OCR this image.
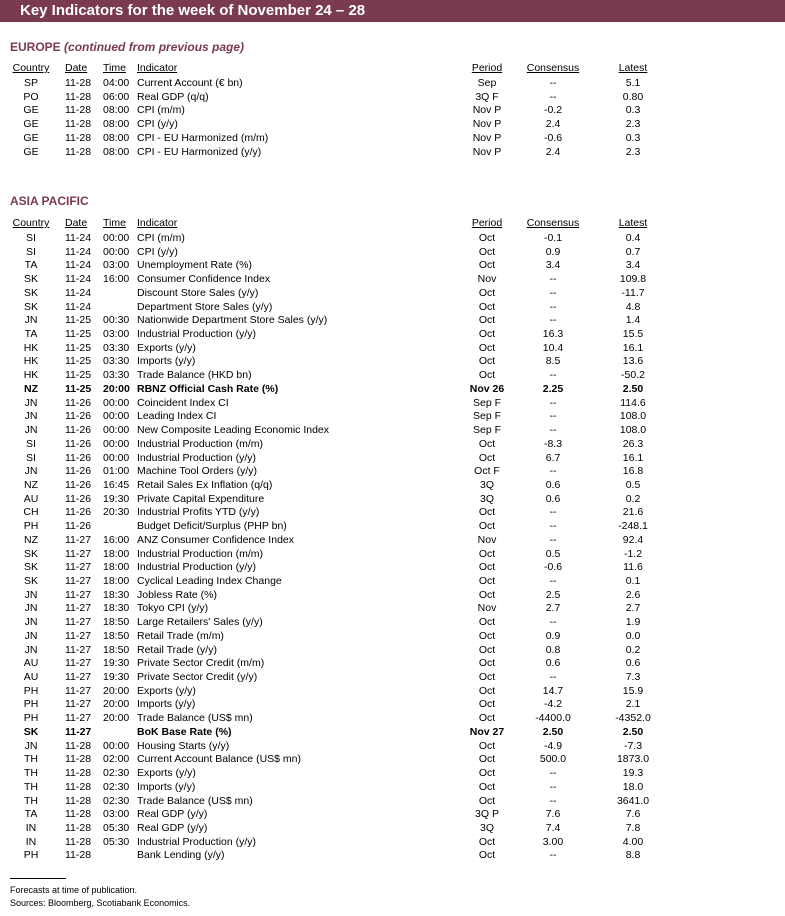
Key Indicators for the week of November 24 – 28
EUROPE (continued from previous page)
Country Date Time Indicator	Period Consensus	Latest
SP	11-28 04:00 Current Account (€ bn)	Sep	--	5.1
PO	11-28 06:00 Real GDP (q/q)	3Q F	--	0.80
GE	11-28 08:00 CPI (m/m)	Nov P	-0.2	0.3
GE	11-28 08:00 CPI (y/y)	Nov P	2.4	2.3
GE	11-28 08:00 CPI - EU Harmonized (m/m)	Nov P	-0.6	0.3
GE	11-28 08:00 CPI - EU Harmonized (y/y)	Nov P	2.4	2.3
ASIA PACIFIC
Country Date Time Indicator	Period Consensus	Latest
SI	11-24 00:00 CPI (m/m)	Oct	-0.1	0.4
SI	11-24 00:00 CPI (y/y)	Oct	0.9	0.7
TA	11-24 03:00 Unemployment Rate (%)	Oct	3.4	3.4
SK	11-24 16:00 Consumer Confidence Index	Nov	--	109.8
SK	11-24	Discount Store Sales (y/y)	Oct	--	-11.7
SK	11-24	Department Store Sales (y/y)	Oct	--	4.8
JN	11-25 00:30 Nationwide Department Store Sales (y/y)	Oct	--	1.4
TA	11-25 03:00 Industrial Production (y/y)	Oct	16.3	15.5
HK	11-25 03:30 Exports (y/y)	Oct	10.4	16.1
HK	11-25 03:30 Imports (y/y)	Oct	8.5	13.6
HK	11-25 03:30 Trade Balance (HKD bn)	Oct	--	-50.2
NZ	11-25 20:00 RBNZ Official Cash Rate (%)	Nov 26	2.25	2.50
JN	11-26 00:00 Coincident Index CI	Sep F	--	114.6
JN	11-26 00:00 Leading Index CI	Sep F	--	108.0
JN	11-26 00:00 New Composite Leading Economic Index	Sep F	--	108.0
SI	11-26 00:00 Industrial Production (m/m)	Oct	-8.3	26.3
SI	11-26 00:00 Industrial Production (y/y)	Oct	6.7	16.1
JN	11-26 01:00 Machine Tool Orders (y/y)	Oct F	--	16.8
NZ	11-26 16:45 Retail Sales Ex Inflation (q/q)	3Q	0.6	0.5
AU	11-26 19:30 Private Capital Expenditure	3Q	0.6	0.2
CH	11-26 20:30 Industrial Profits YTD (y/y)	Oct	--	21.6
PH	11-26	Budget Deficit/Surplus (PHP bn)	Oct	--	-248.1
NZ	11-27 16:00 ANZ Consumer Confidence Index	Nov	--	92.4
SK	11-27 18:00 Industrial Production (m/m)	Oct	0.5	-1.2
SK	11-27 18:00 Industrial Production (y/y)	Oct	-0.6	11.6
SK	11-27 18:00 Cyclical Leading Index Change	Oct	--	0.1
JN	11-27 18:30 Jobless Rate (%)	Oct	2.5	2.6
JN	11-27 18:30 Tokyo CPI (y/y)	Nov	2.7	2.7
JN	11-27 18:50 Large Retailers' Sales (y/y)	Oct	--	1.9
JN	11-27 18:50 Retail Trade (m/m)	Oct	0.9	0.0
JN	11-27 18:50 Retail Trade (y/y)	Oct	0.8	0.2
AU	11-27 19:30 Private Sector Credit (m/m)	Oct	0.6	0.6
AU	11-27 19:30 Private Sector Credit (y/y)	Oct	--	7.3
PH	11-27 20:00 Exports (y/y)	Oct	14.7	15.9
PH	11-27 20:00 Imports (y/y)	Oct	-4.2	2.1
PH	11-27 20:00 Trade Balance (US$ mn)	Oct	-4400.0	-4352.0
SK	11-27	BoK Base Rate (%)	Nov 27	2.50	2.50
JN	11-28 00:00 Housing Starts (y/y)	Oct	-4.9	-7.3
TH	11-28 02:00 Current Account Balance (US$ mn)	Oct	500.0	1873.0
TH	11-28 02:30 Exports (y/y)	Oct	--	19.3
TH	11-28 02:30 Imports (y/y)	Oct	--	18.0
TH	11-28 02:30 Trade Balance (US$ mn)	Oct	--	3641.0
TA	11-28 03:00 Real GDP (y/y)	3Q P	7.6	7.6
IN	11-28 05:30 Real GDP (y/y)	3Q	7.4	7.8
IN	11-28 05:30 Industrial Production (y/y)	Oct	3.00	4.00
PH	11-28	Bank Lending (y/y)	Oct	--	8.8
Forecasts at time of publication.
Sources: Bloomberg, Scotiabank Economics.
